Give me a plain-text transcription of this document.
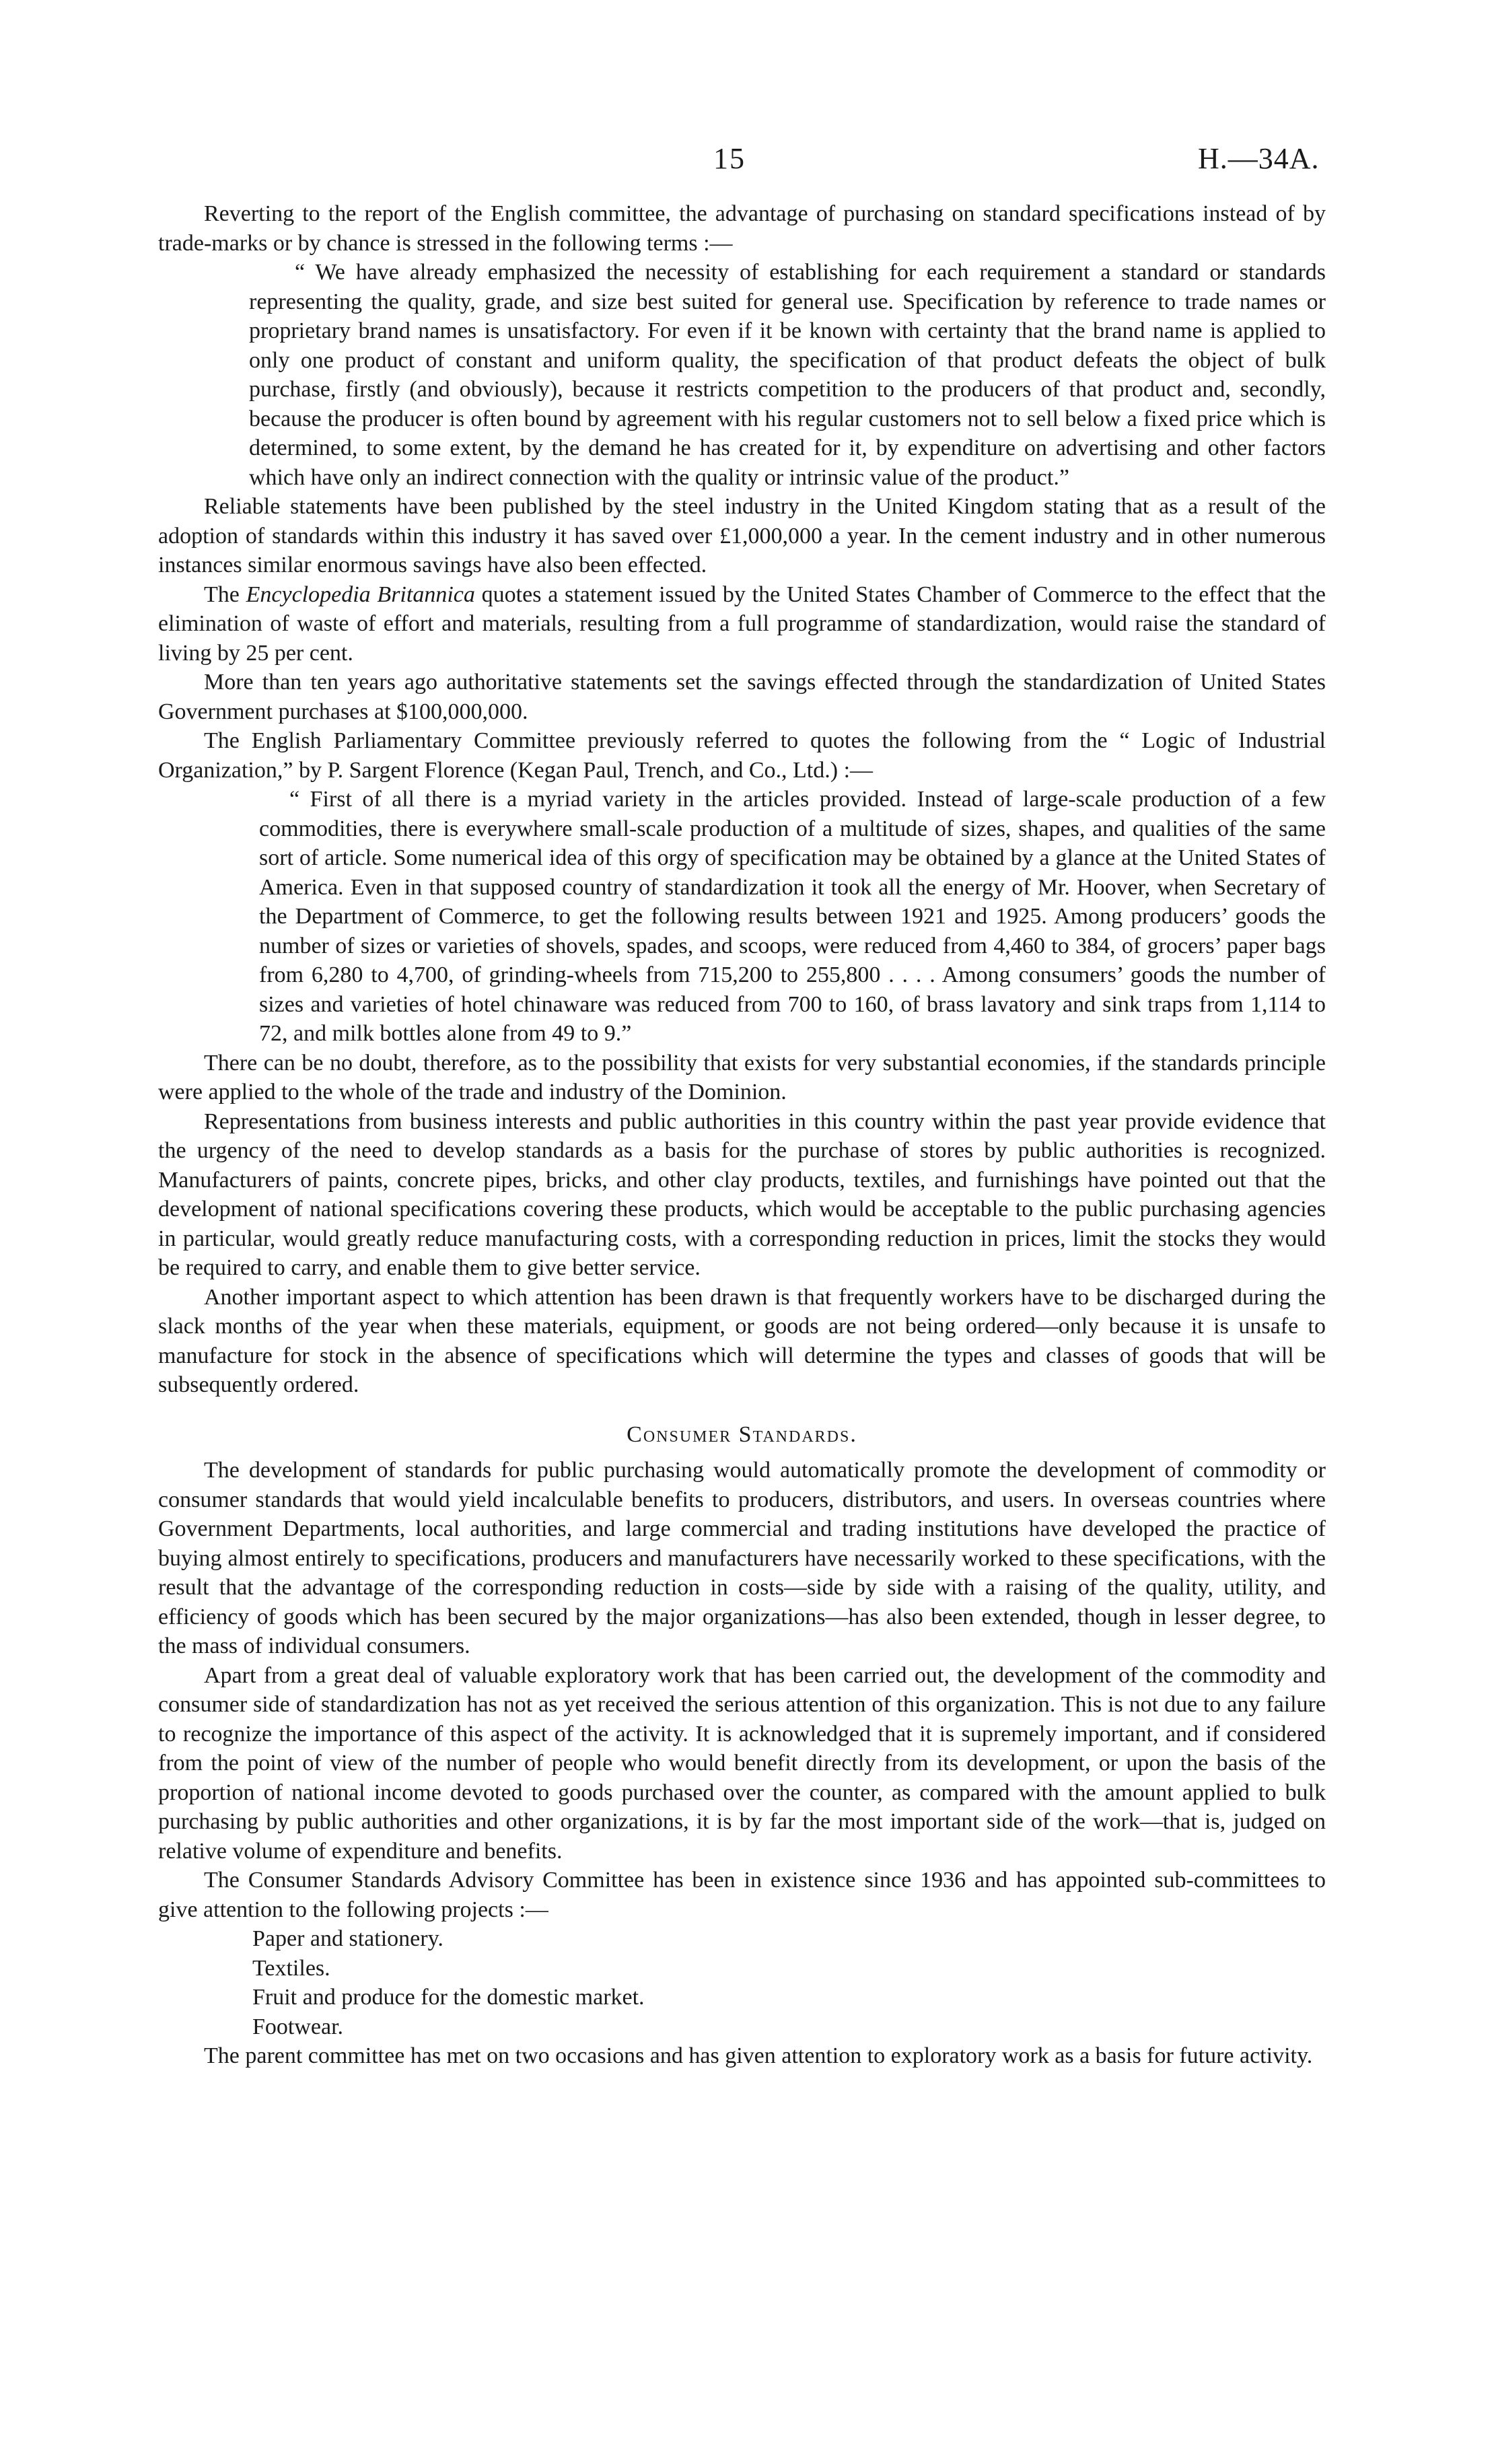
15	H.—34A.

Reverting to the report of the English committee, the advantage of purchasing on standard specifications instead of by trade-marks or by chance is stressed in the following terms :—

“ We have already emphasized the necessity of establishing for each requirement a standard or standards representing the quality, grade, and size best suited for general use. Specification by reference to trade names or proprietary brand names is unsatisfactory. For even if it be known with certainty that the brand name is applied to only one product of constant and uniform quality, the specification of that product defeats the object of bulk purchase, firstly (and obviously), because it restricts competition to the producers of that product and, secondly, because the producer is often bound by agreement with his regular customers not to sell below a fixed price which is determined, to some extent, by the demand he has created for it, by expenditure on advertising and other factors which have only an indirect connection with the quality or intrinsic value of the product.”

Reliable statements have been published by the steel industry in the United Kingdom stating that as a result of the adoption of standards within this industry it has saved over £1,000,000 a year. In the cement industry and in other numerous instances similar enormous savings have also been effected.

The Encyclopedia Britannica quotes a statement issued by the United States Chamber of Commerce to the effect that the elimination of waste of effort and materials, resulting from a full programme of standardization, would raise the standard of living by 25 per cent.

More than ten years ago authoritative statements set the savings effected through the standardization of United States Government purchases at $100,000,000.

The English Parliamentary Committee previously referred to quotes the following from the “ Logic of Industrial Organization,” by P. Sargent Florence (Kegan Paul, Trench, and Co., Ltd.) :—

“ First of all there is a myriad variety in the articles provided. Instead of large-scale production of a few commodities, there is everywhere small-scale production of a multitude of sizes, shapes, and qualities of the same sort of article. Some numerical idea of this orgy of specification may be obtained by a glance at the United States of America. Even in that supposed country of standardization it took all the energy of Mr. Hoover, when Secretary of the Department of Commerce, to get the following results between 1921 and 1925. Among producers’ goods the number of sizes or varieties of shovels, spades, and scoops, were reduced from 4,460 to 384, of grocers’ paper bags from 6,280 to 4,700, of grinding-wheels from 715,200 to 255,800 . . . . Among consumers’ goods the number of sizes and varieties of hotel chinaware was reduced from 700 to 160, of brass lavatory and sink traps from 1,114 to 72, and milk bottles alone from 49 to 9.”

There can be no doubt, therefore, as to the possibility that exists for very substantial economies, if the standards principle were applied to the whole of the trade and industry of the Dominion.

Representations from business interests and public authorities in this country within the past year provide evidence that the urgency of the need to develop standards as a basis for the purchase of stores by public authorities is recognized. Manufacturers of paints, concrete pipes, bricks, and other clay products, textiles, and furnishings have pointed out that the development of national specifications covering these products, which would be acceptable to the public purchasing agencies in particular, would greatly reduce manufacturing costs, with a corresponding reduction in prices, limit the stocks they would be required to carry, and enable them to give better service.

Another important aspect to which attention has been drawn is that frequently workers have to be discharged during the slack months of the year when these materials, equipment, or goods are not being ordered—only because it is unsafe to manufacture for stock in the absence of specifications which will determine the types and classes of goods that will be subsequently ordered.

Consumer Standards.

The development of standards for public purchasing would automatically promote the development of commodity or consumer standards that would yield incalculable benefits to producers, distributors, and users. In overseas countries where Government Departments, local authorities, and large commercial and trading institutions have developed the practice of buying almost entirely to specifications, producers and manufacturers have necessarily worked to these specifications, with the result that the advantage of the corresponding reduction in costs—side by side with a raising of the quality, utility, and efficiency of goods which has been secured by the major organizations—has also been extended, though in lesser degree, to the mass of individual consumers.

Apart from a great deal of valuable exploratory work that has been carried out, the development of the commodity and consumer side of standardization has not as yet received the serious attention of this organization. This is not due to any failure to recognize the importance of this aspect of the activity. It is acknowledged that it is supremely important, and if considered from the point of view of the number of people who would benefit directly from its development, or upon the basis of the proportion of national income devoted to goods purchased over the counter, as compared with the amount applied to bulk purchasing by public authorities and other organizations, it is by far the most important side of the work—that is, judged on relative volume of expenditure and benefits.

The Consumer Standards Advisory Committee has been in existence since 1936 and has appointed sub-committees to give attention to the following projects :—

Paper and stationery.
Textiles.
Fruit and produce for the domestic market.
Footwear.

The parent committee has met on two occasions and has given attention to exploratory work as a basis for future activity.
